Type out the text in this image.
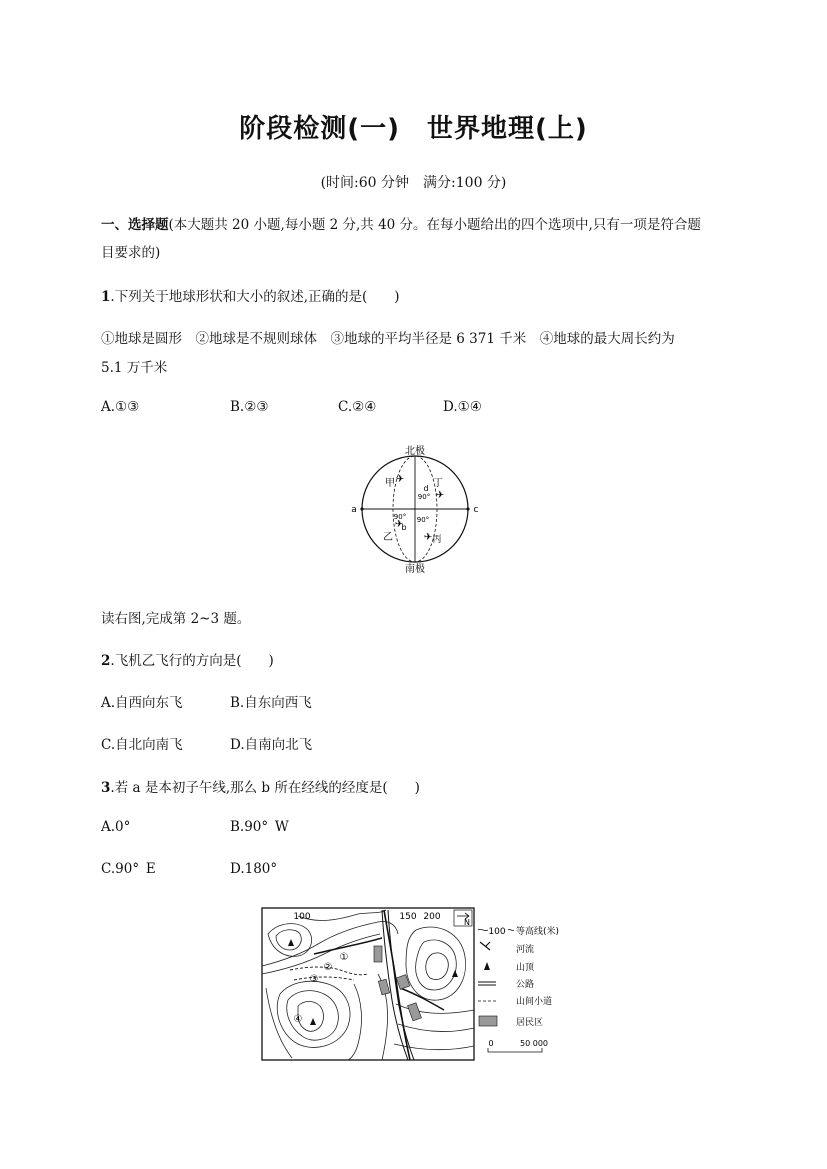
阶段检测(一)　世界地理(上)
(时间:60 分钟　满分:100 分)
一、选择题(本大题共 20 小题,每小题 2 分,共 40 分。在每小题给出的四个选项中,只有一项是符合题
目要求的)
1.下列关于地球形状和大小的叙述,正确的是(　　)
①地球是圆形　②地球是不规则球体　③地球的平均半径是 6 371 千米　④地球的最大周长约为
5.1 万千米
A.①③	B.②③	C.②④	D.①④
北极
a	c
d
b
90°
90° 90°
甲	丁
乙	丙
✈
✈
✈
✈
南极
读右图,完成第 2~3 题。
2.飞机乙飞行的方向是(　　)
A.自西向东飞	B.自东向西飞
C.自北向南飞	D.自南向北飞
3.若 a 是本初子午线,那么 b 所在经线的经度是(　　)
A.0°	B.90° W
C.90° E	D.180°
100	150 200
①
②
③
④
N
100 等高线(米)
河流
山顶
公路
山间小道
居民区
0	50 000
